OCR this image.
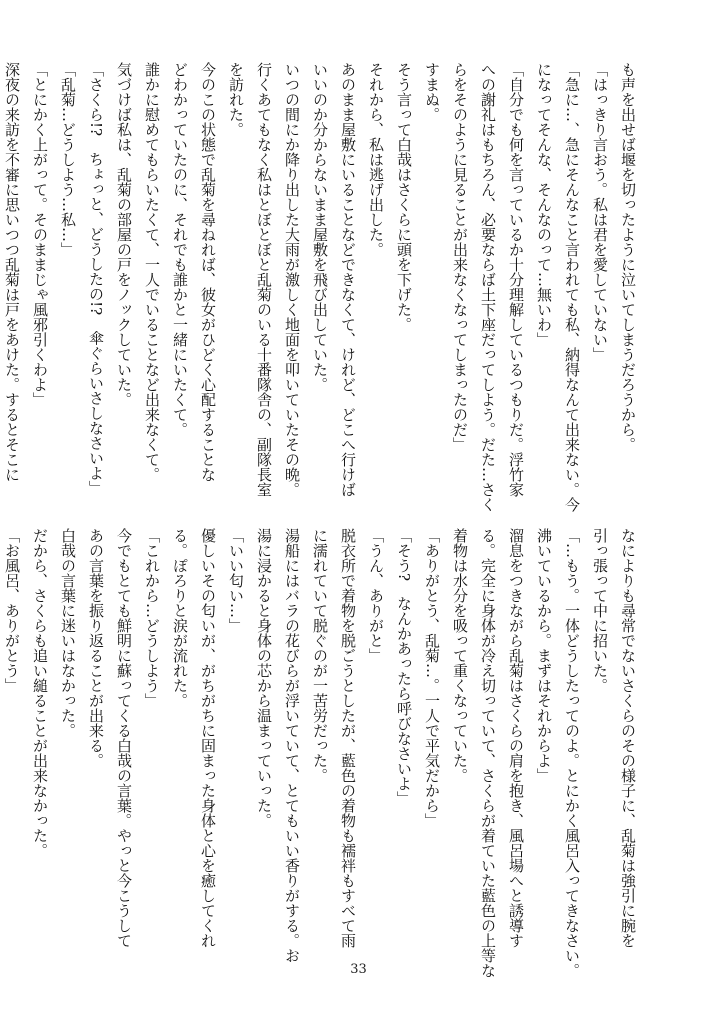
も声を出せば堰を切ったように泣いてしまうだろうから。
「はっきり言おう。私は君を愛していない」
「急に…、急にそんなこと言われても私、納得なんて出来ない。今
になってそんな、そんなのって…無いわ」
「自分でも何を言っているか十分理解しているつもりだ。浮竹家
への謝礼はもちろん、必要ならば土下座だってしよう。だた…さく
らをそのように見ることが出来なくなってしまったのだ」
すまぬ。
そう言って白哉はさくらに頭を下げた。
それから、私は逃げ出した。
あのまま屋敷にいることなどできなくて、けれど、どこへ行けば
いいのか分からないまま屋敷を飛び出していた。
いつの間にか降り出した大雨が激しく地面を叩いていたその晩。
行くあてもなく私はとぼとぼと乱菊のいる十番隊舎の、副隊長室
を訪れた。
今のこの状態で乱菊を尋ねれば、彼女がひどく心配することな
どわかっていたのに、それでも誰かと一緒にいたくて。
誰かに慰めてもらいたくて、一人でいることなど出来なくて。
気づけば私は、乱菊の部屋の戸をノックしていた。
「さくら!?　ちょっと、どうしたの!?　傘ぐらいさしなさいよ」
「乱菊…どうしよう…私…」
「とにかく上がって。そのままじゃ風邪引くわよ」
深夜の来訪を不審に思いつつ乱菊は戸をあけた。するとそこに
なによりも尋常でないさくらのその様子に、乱菊は強引に腕を
引っ張って中に招いた。
「…もう。一体どうしたってのよ。とにかく風呂入ってきなさい。
沸いているから。まずはそれからよ」
溜息をつきながら乱菊はさくらの肩を抱き、風呂場へと誘導す
る。完全に身体が冷え切っていて、さくらが着ていた藍色の上等な
着物は水分を吸って重くなっていた。
「ありがとう、乱菊…。一人で平気だから」
「そう?　なんかあったら呼びなさいよ」
「うん、ありがと」
脱衣所で着物を脱ごうとしたが、藍色の着物も襦袢もすべて雨
に濡れていて脱ぐのが一苦労だった。
湯船にはバラの花びらが浮いていて、とてもいい香りがする。お
湯に浸かると身体の芯から温まっていった。
「いい匂い…」
優しいその匂いが、がちがちに固まった身体と心を癒してくれ
る。ぽろりと涙が流れた。
「これから…どうしよう」
今でもとても鮮明に蘇ってくる白哉の言葉。やっと今こうして
あの言葉を振り返ることが出来る。
白哉の言葉に迷いはなかった。
だから、さくらも追い縋ることが出来なかった。
「お風呂、ありがとう」
33
